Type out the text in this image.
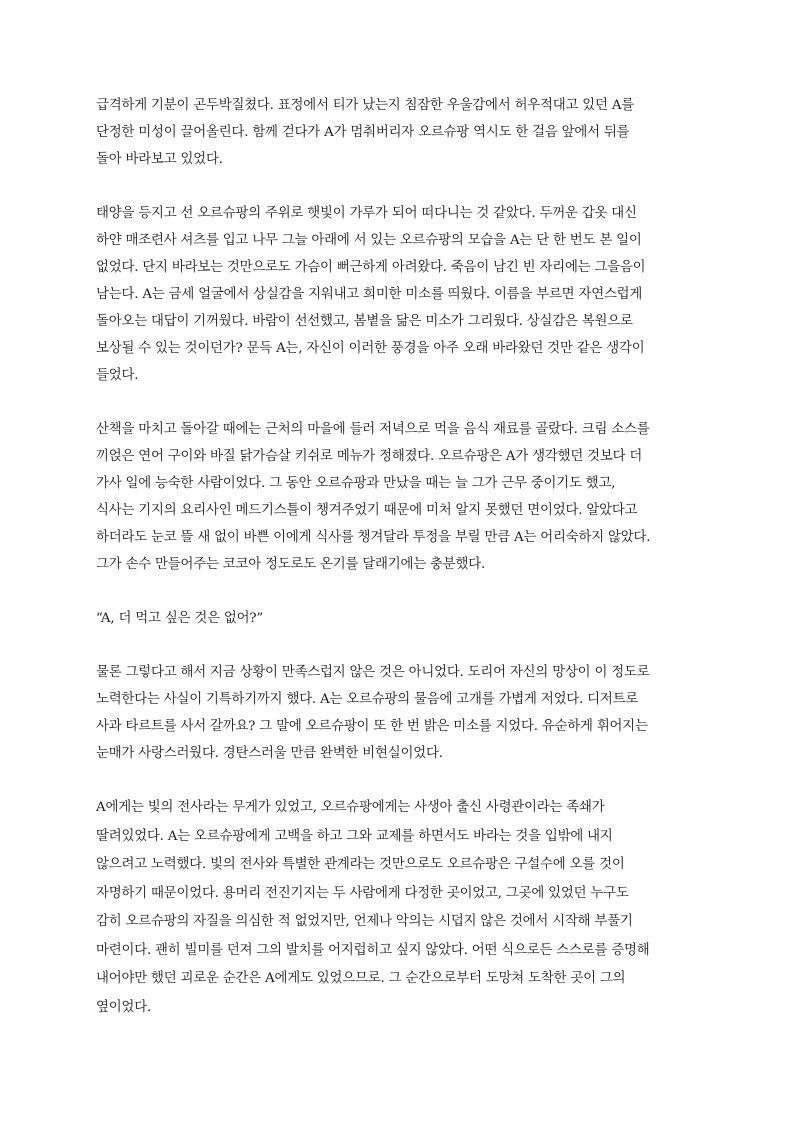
급격하게 기분이 곤두박질쳤다. 표정에서 티가 났는지 침잠한 우울감에서 허우적대고 있던 A를
단정한 미성이 끌어올린다. 함께 걷다가 A가 멈춰버리자 오르슈팡 역시도 한 걸음 앞에서 뒤를
돌아 바라보고 있었다.
태양을 등지고 선 오르슈팡의 주위로 햇빛이 가루가 되어 떠다니는 것 같았다. 두꺼운 갑옷 대신
하얀 매조련사 셔츠를 입고 나무 그늘 아래에 서 있는 오르슈팡의 모습을 A는 단 한 번도 본 일이
없었다. 단지 바라보는 것만으로도 가슴이 뻐근하게 아려왔다. 죽음이 남긴 빈 자리에는 그을음이
남는다. A는 금세 얼굴에서 상실감을 지워내고 희미한 미소를 띄웠다. 이름을 부르면 자연스럽게
돌아오는 대답이 기꺼웠다. 바람이 선선했고, 봄볕을 닮은 미소가 그리웠다. 상실감은 복원으로
보상될 수 있는 것이던가? 문득 A는, 자신이 이러한 풍경을 아주 오래 바라왔던 것만 같은 생각이
들었다.
산책을 마치고 돌아갈 때에는 근처의 마을에 들러 저녁으로 먹을 음식 재료를 골랐다. 크림 소스를
끼얹은 연어 구이와 바질 닭가슴살 키쉬로 메뉴가 정해졌다. 오르슈팡은 A가 생각했던 것보다 더
가사 일에 능숙한 사람이었다. 그 동안 오르슈팡과 만났을 때는 늘 그가 근무 중이기도 했고,
식사는 기지의 요리사인 메드기스틀이 챙겨주었기 때문에 미처 알지 못했던 면이었다. 알았다고
하더라도 눈코 뜰 새 없이 바쁜 이에게 식사를 챙겨달라 투정을 부릴 만큼 A는 어리숙하지 않았다.
그가 손수 만들어주는 코코아 정도로도 온기를 달래기에는 충분했다.
“A, 더 먹고 싶은 것은 없어?”
물론 그렇다고 해서 지금 상황이 만족스럽지 않은 것은 아니었다. 도리어 자신의 망상이 이 정도로
노력한다는 사실이 기특하기까지 했다. A는 오르슈팡의 물음에 고개를 가볍게 저었다. 디저트로
사과 타르트를 사서 갈까요? 그 말에 오르슈팡이 또 한 번 밝은 미소를 지었다. 유순하게 휘어지는
눈매가 사랑스러웠다. 경탄스러울 만큼 완벽한 비현실이었다.
A에게는 빛의 전사라는 무게가 있었고, 오르슈팡에게는 사생아 출신 사령관이라는 족쇄가
딸려있었다. A는 오르슈팡에게 고백을 하고 그와 교제를 하면서도 바라는 것을 입밖에 내지
않으려고 노력했다. 빛의 전사와 특별한 관계라는 것만으로도 오르슈팡은 구설수에 오를 것이
자명하기 때문이었다. 용머리 전진기지는 두 사람에게 다정한 곳이었고, 그곳에 있었던 누구도
감히 오르슈팡의 자질을 의심한 적 없었지만, 언제나 악의는 시덥지 않은 것에서 시작해 부풀기
마련이다. 괜히 빌미를 던져 그의 발치를 어지럽히고 싶지 않았다. 어떤 식으로든 스스로를 증명해
내어야만 했던 괴로운 순간은 A에게도 있었으므로. 그 순간으로부터 도망쳐 도착한 곳이 그의
옆이었다.
